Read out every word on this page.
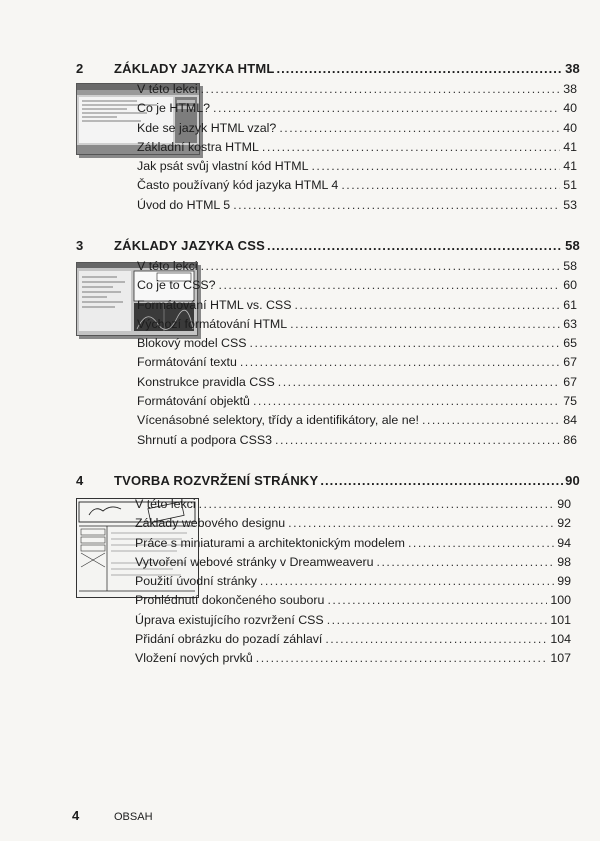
2	ZÁKLADY JAZYKA HTML .....	38
V této lekci .....	38
Co je HTML? .....	40
Kde se jazyk HTML vzal? .....	40
Základní kostra HTML .....	41
Jak psát svůj vlastní kód HTML .....	41
Často používaný kód jazyka HTML 4 .....	51
Úvod do HTML 5 .....	53
3	ZÁKLADY JAZYKA CSS .....	58
V této lekci .....	58
Co je to CSS? .....	60
Formátování HTML vs. CSS .....	61
Výchozí formátování HTML .....	63
Blokový model CSS .....	65
Formátování textu .....	67
Konstrukce pravidla CSS .....	67
Formátování objektů .....	75
Vícenásobné selektory, třídy a identifikátory, ale ne! .....	84
Shrnutí a podpora CSS3 .....	86
4	TVORBA ROZVRŽENÍ STRÁNKY .....	90
V této lekci .....	90
Základy webového designu .....	92
Práce s miniaturami a architektonickým modelem .....	94
Vytvoření webové stránky v Dreamweaveru .....	98
Použití úvodní stránky .....	99
Prohlédnutí dokončeného souboru .....	100
Úprava existujícího rozvržení CSS .....	101
Přidání obrázku do pozadí záhlaví .....	104
Vložení nových prvků .....	107
4	OBSAH
